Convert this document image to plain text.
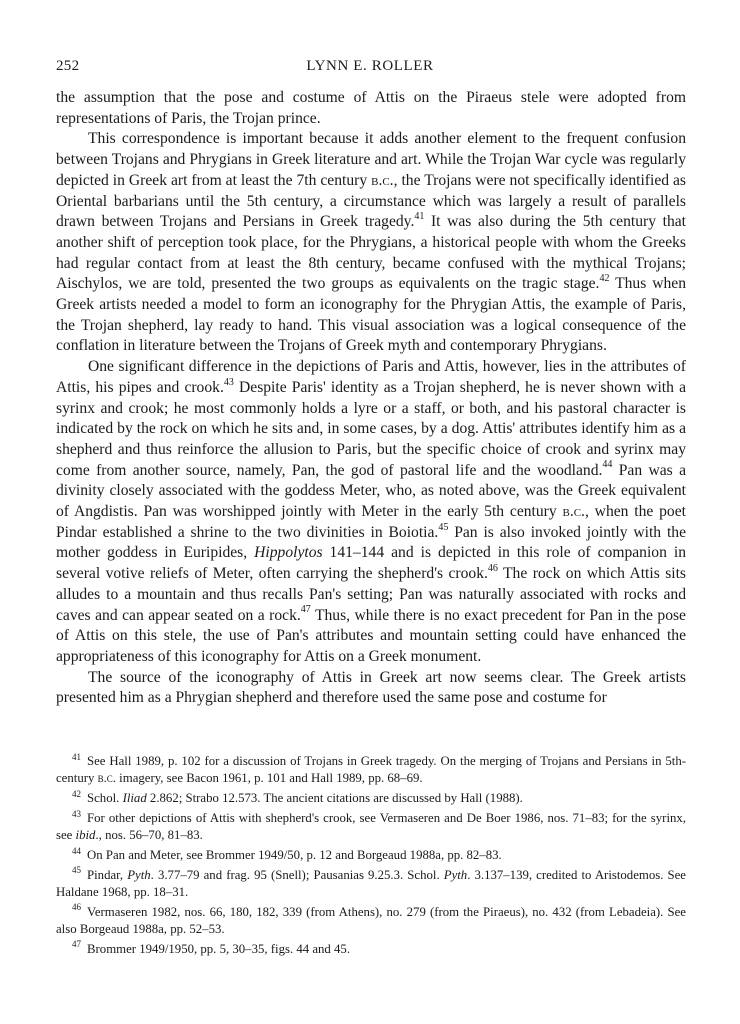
252	LYNN E. ROLLER

the assumption that the pose and costume of Attis on the Piraeus stele were adopted from representations of Paris, the Trojan prince.

This correspondence is important because it adds another element to the frequent confusion between Trojans and Phrygians in Greek literature and art. While the Trojan War cycle was regularly depicted in Greek art from at least the 7th century b.c., the Trojans were not specifically identified as Oriental barbarians until the 5th century, a circumstance which was largely a result of parallels drawn between Trojans and Persians in Greek tragedy.$^{41}$ It was also during the 5th century that another shift of perception took place, for the Phrygians, a historical people with whom the Greeks had regular contact from at least the 8th century, became confused with the mythical Trojans; Aischylos, we are told, presented the two groups as equivalents on the tragic stage.$^{42}$ Thus when Greek artists needed a model to form an iconography for the Phrygian Attis, the example of Paris, the Trojan shepherd, lay ready to hand. This visual association was a logical consequence of the conflation in literature between the Trojans of Greek myth and contemporary Phrygians.

One significant difference in the depictions of Paris and Attis, however, lies in the attributes of Attis, his pipes and crook.$^{43}$ Despite Paris' identity as a Trojan shepherd, he is never shown with a syrinx and crook; he most commonly holds a lyre or a staff, or both, and his pastoral character is indicated by the rock on which he sits and, in some cases, by a dog. Attis' attributes identify him as a shepherd and thus reinforce the allusion to Paris, but the specific choice of crook and syrinx may come from another source, namely, Pan, the god of pastoral life and the woodland.$^{44}$ Pan was a divinity closely associated with the goddess Meter, who, as noted above, was the Greek equivalent of Angdistis. Pan was worshipped jointly with Meter in the early 5th century b.c., when the poet Pindar established a shrine to the two divinities in Boiotia.$^{45}$ Pan is also invoked jointly with the mother goddess in Euripides, Hippolytos 141–144 and is depicted in this role of companion in several votive reliefs of Meter, often carrying the shepherd's crook.$^{46}$ The rock on which Attis sits alludes to a mountain and thus recalls Pan's setting; Pan was naturally associated with rocks and caves and can appear seated on a rock.$^{47}$ Thus, while there is no exact precedent for Pan in the pose of Attis on this stele, the use of Pan's attributes and mountain setting could have enhanced the appropriateness of this iconography for Attis on a Greek monument.

The source of the iconography of Attis in Greek art now seems clear. The Greek artists presented him as a Phrygian shepherd and therefore used the same pose and costume for

$^{41}$ See Hall 1989, p. 102 for a discussion of Trojans in Greek tragedy. On the merging of Trojans and Persians in 5th-century b.c. imagery, see Bacon 1961, p. 101 and Hall 1989, pp. 68–69.

$^{42}$ Schol. Iliad 2.862; Strabo 12.573. The ancient citations are discussed by Hall (1988).

$^{43}$ For other depictions of Attis with shepherd's crook, see Vermaseren and De Boer 1986, nos. 71–83; for the syrinx, see ibid., nos. 56–70, 81–83.

$^{44}$ On Pan and Meter, see Brommer 1949/50, p. 12 and Borgeaud 1988a, pp. 82–83.

$^{45}$ Pindar, Pyth. 3.77–79 and frag. 95 (Snell); Pausanias 9.25.3. Schol. Pyth. 3.137–139, credited to Aristodemos. See Haldane 1968, pp. 18–31.

$^{46}$ Vermaseren 1982, nos. 66, 180, 182, 339 (from Athens), no. 279 (from the Piraeus), no. 432 (from Lebadeia). See also Borgeaud 1988a, pp. 52–53.

$^{47}$ Brommer 1949/1950, pp. 5, 30–35, figs. 44 and 45.
